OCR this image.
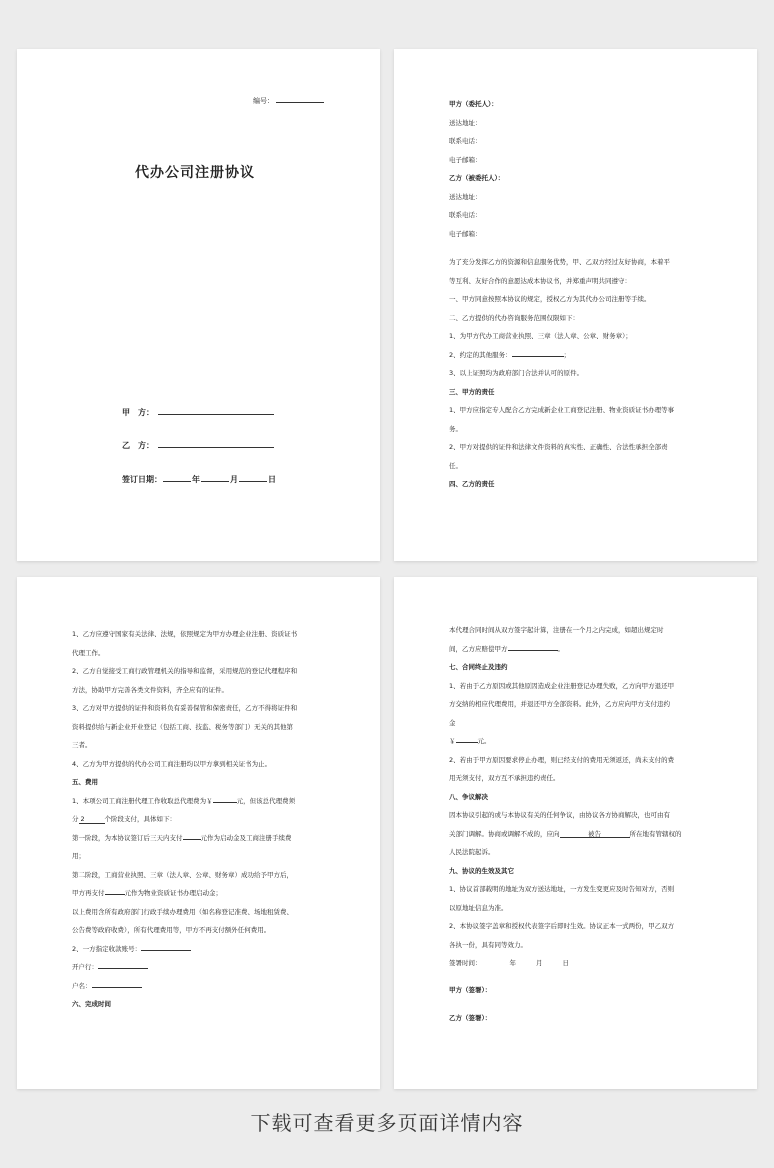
编号：
代办公司注册协议
甲　方：
乙　方：
签订日期：	年	月	日
甲方（委托人）：
送达地址：
联系电话：
电子邮箱：
乙方（被委托人）：
送达地址：
联系电话：
电子邮箱：
为了充分发挥乙方的资源和信息服务优势，甲、乙双方经过友好协商，本着平
等互利、友好合作的意愿达成本协议书，并郑重声明共同遵守：
一、甲方同意按照本协议的规定，授权乙方为其代办公司注册等手续。
二、乙方提供的代办咨询服务范围仅限如下：
1、为甲方代办工商营业执照、三章（法人章、公章、财务章）；
2、约定的其他服务：	；
3、以上证照均为政府部门合法并认可的原件。
三、甲方的责任
1、甲方应指定专人配合乙方完成新企业工商登记注册、物业资质证书办理等事
务。
2、甲方对提供的证件和法律文件资料的真实性、正确性、合法性承担全部责
任。
四、乙方的责任
1、乙方应遵守国家有关法律、法规，依照规定为甲方办理企业注册、资质证书
代理工作。
2、乙方自觉接受工商行政管理机关的指导和监督，采用规范的登记代理程序和
方法，协助甲方完善各类文件资料，齐全应有的证件。
3、乙方对甲方提供的证件和资料负有妥善保管和保密责任，乙方不得将证件和
资料提供给与新企业开业登记（包括工商、技监、税务等部门）无关的其他第
三者。
4、乙方为甲方提供的代办公司工商注册均以甲方拿到相关证书为止。
五、费用
1、本项公司工商注册代理工作收取总代理费为￥	元，但该总代理费须
分 2	个阶段支付，具体如下：
第一阶段，为本协议签订后三天内支付	元作为启动金及工商注册手续费
用；
第二阶段，工商营业执照、三章（法人章、公章、财务章）成功给予甲方后，
甲方再支付	元作为物业资质证书办理启动金；
以上费用含所有政府部门行政手续办理费用（如名称登记准费、场地租赁费、
公告费等政府收费），所有代理费用等，甲方不再支付额外任何费用。
2、一方指定收款账号：
开户行：
户名：
六、完成时间
本代理合同时间从双方签字起计算，注册在一个月之内完成，如超出规定时
间，乙方应赔偿甲方	。
七、合同终止及违约
1、若由于乙方原因或其他原因造成企业注册登记办理失败，乙方向甲方退还甲
方交纳的相应代理费用，并退还甲方全部资料。此外，乙方应向甲方支付违约
金
￥	元。
2、若由于甲方原因要求停止办理，则已经支付的费用无须返还，尚未支付的费
用无须支付，双方互不承担违约责任。
八、争议解决
因本协议引起的或与本协议有关的任何争议，由协议各方协商解决，也可由有
关部门调解。协商或调解不成的，应向	被告	所在地有管辖权的
人民法院起诉。
九、协议的生效及其它
1、协议首部载明的地址为双方送达地址，一方发生变更应及时告知对方，否则
以原地址信息为准。
2、本协议签字盖章和授权代表签字后即时生效。协议正本一式两份，甲乙双方
各执一份，具有同等效力。
签署时间：	年	月	日
甲方（签署）：
乙方（签署）：
下载可查看更多页面详情内容
